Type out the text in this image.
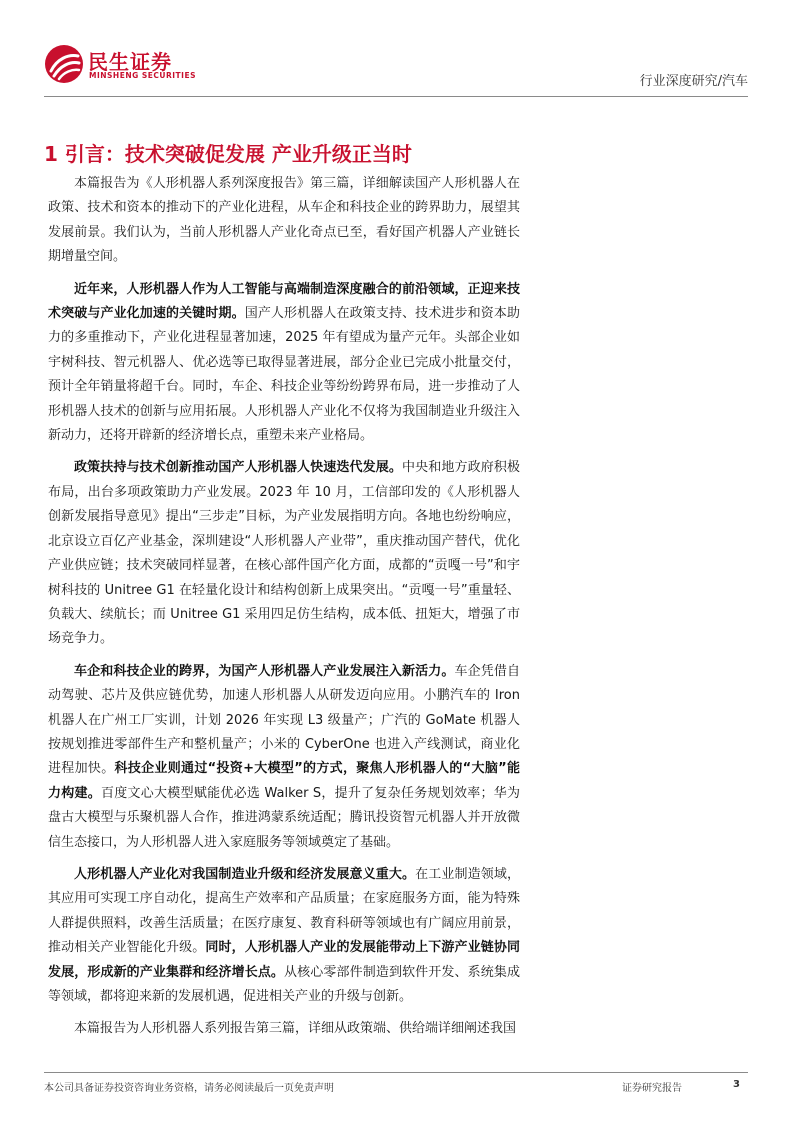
民生证券
MINSHENG SECURITIES	行业深度研究/汽车
1 引言：技术突破促发展 产业升级正当时

本篇报告为《人形机器人系列深度报告》第三篇，详细解读国产人形机器人在政策、技术和资本的推动下的产业化进程，从车企和科技企业的跨界助力，展望其发展前景。我们认为，当前人形机器人产业化奇点已至，看好国产机器人产业链长期增量空间。

近年来，人形机器人作为人工智能与高端制造深度融合的前沿领域，正迎来技术突破与产业化加速的关键时期。国产人形机器人在政策支持、技术进步和资本助力的多重推动下，产业化进程显著加速，2025 年有望成为量产元年。头部企业如宇树科技、智元机器人、优必选等已取得显著进展，部分企业已完成小批量交付，预计全年销量将超千台。同时，车企、科技企业等纷纷跨界布局，进一步推动了人形机器人技术的创新与应用拓展。人形机器人产业化不仅将为我国制造业升级注入新动力，还将开辟新的经济增长点，重塑未来产业格局。

政策扶持与技术创新推动国产人形机器人快速迭代发展。中央和地方政府积极布局，出台多项政策助力产业发展。2023 年 10 月，工信部印发的《人形机器人创新发展指导意见》提出“三步走”目标，为产业发展指明方向。各地也纷纷响应，北京设立百亿产业基金，深圳建设“人形机器人产业带”，重庆推动国产替代，优化产业供应链；技术突破同样显著，在核心部件国产化方面，成都的“贡嘎一号”和宇树科技的 Unitree G1 在轻量化设计和结构创新上成果突出。“贡嘎一号”重量轻、负载大、续航长；而 Unitree G1 采用四足仿生结构，成本低、扭矩大，增强了市场竞争力。

车企和科技企业的跨界，为国产人形机器人产业发展注入新活力。车企凭借自动驾驶、芯片及供应链优势，加速人形机器人从研发迈向应用。小鹏汽车的 Iron 机器人在广州工厂实训，计划 2026 年实现 L3 级量产；广汽的 GoMate 机器人按规划推进零部件生产和整机量产；小米的 CyberOne 也进入产线测试，商业化进程加快。科技企业则通过“投资+大模型”的方式，聚焦人形机器人的“大脑”能力构建。百度文心大模型赋能优必选 Walker S，提升了复杂任务规划效率；华为盘古大模型与乐聚机器人合作，推进鸿蒙系统适配；腾讯投资智元机器人并开放微信生态接口，为人形机器人进入家庭服务等领域奠定了基础。

人形机器人产业化对我国制造业升级和经济发展意义重大。在工业制造领域，其应用可实现工序自动化，提高生产效率和产品质量；在家庭服务方面，能为特殊人群提供照料，改善生活质量；在医疗康复、教育科研等领域也有广阔应用前景，推动相关产业智能化升级。同时，人形机器人产业的发展能带动上下游产业链协同发展，形成新的产业集群和经济增长点。从核心零部件制造到软件开发、系统集成等领域，都将迎来新的发展机遇，促进相关产业的升级与创新。

本篇报告为人形机器人系列报告第三篇，详细从政策端、供给端详细阐述我国

本公司具备证券投资咨询业务资格，请务必阅读最后一页免责声明	证券研究报告	3
